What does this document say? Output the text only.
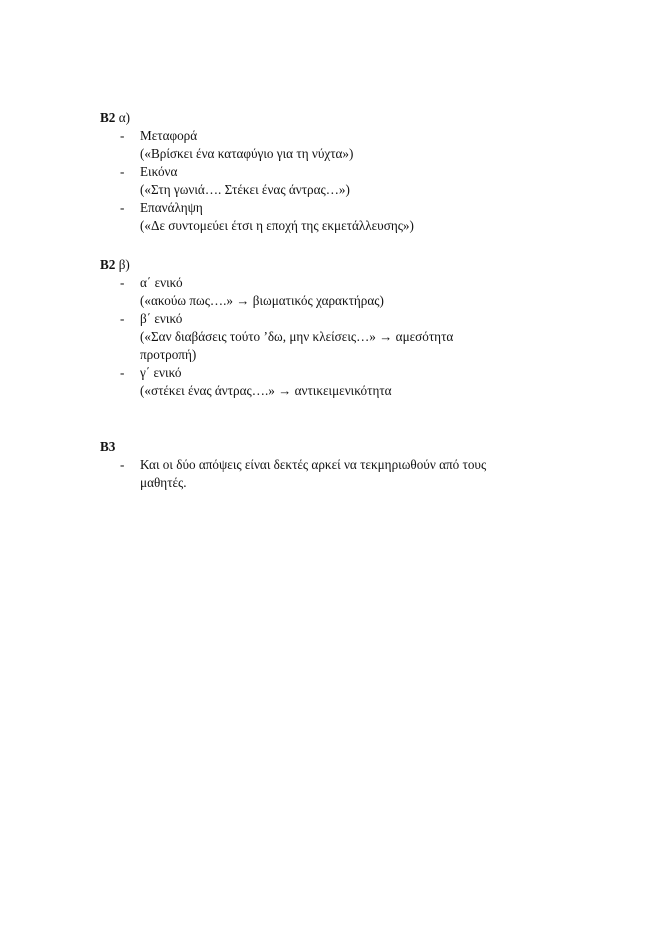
B2 α)

- Μεταφορά
(«Βρίσκει ένα καταφύγιο για τη νύχτα»)
- Εικόνα
(«Στη γωνιά…. Στέκει ένας άντρας…»)
- Επανάληψη
(«Δε συντομεύει έτσι η εποχή της εκμετάλλευσης»)

B2 β)

- α΄ ενικό
(«ακούω πως….» → βιωματικός χαρακτήρας)
- β΄ ενικό
(«Σαν διαβάσεις τούτο ’δω, μην κλείσεις…» → αμεσότητα
προτροπή)
- γ΄ ενικό
(«στέκει ένας άντρας….» → αντικειμενικότητα

B3

- Και οι δύο απόψεις είναι δεκτές αρκεί να τεκμηριωθούν από τους
μαθητές.
